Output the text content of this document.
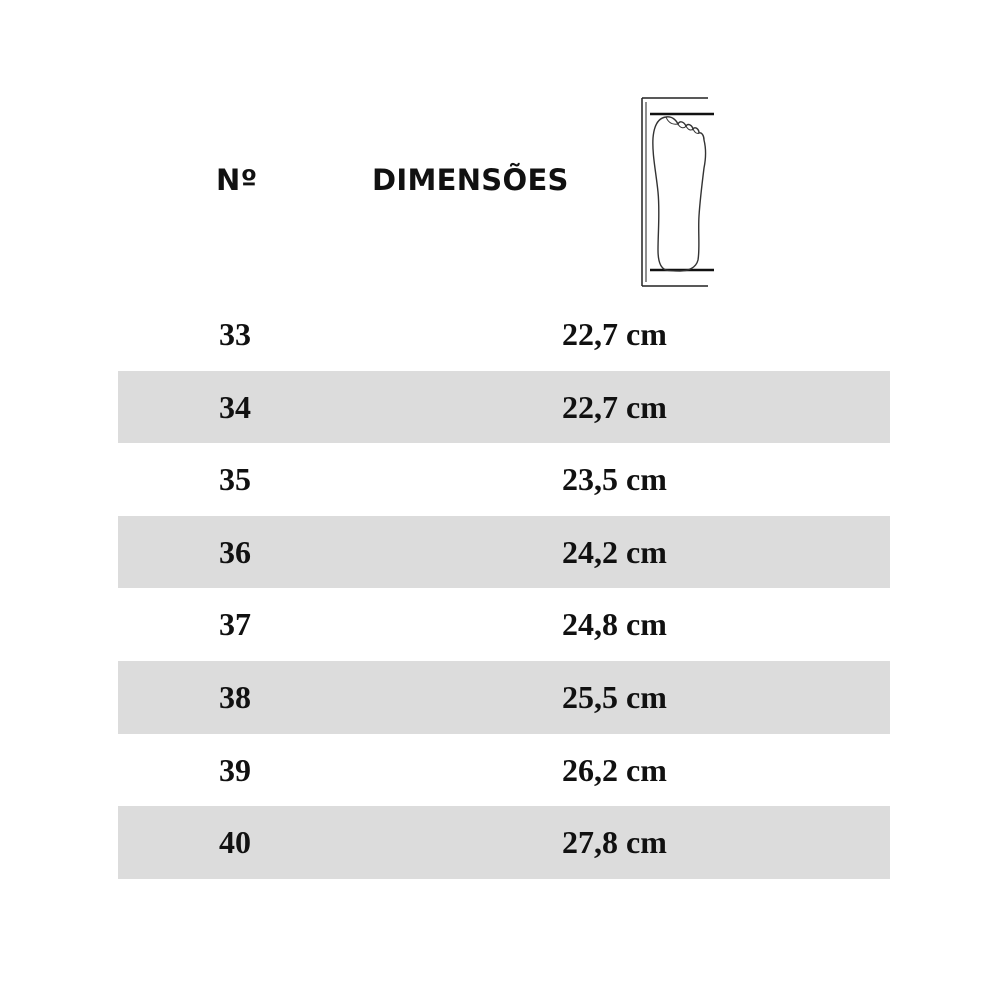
Nº	DIMENSÕES
33	22,7 cm
34	22,7 cm
35	23,5 cm
36	24,2 cm
37	24,8 cm
38	25,5 cm
39	26,2 cm
40	27,8 cm
